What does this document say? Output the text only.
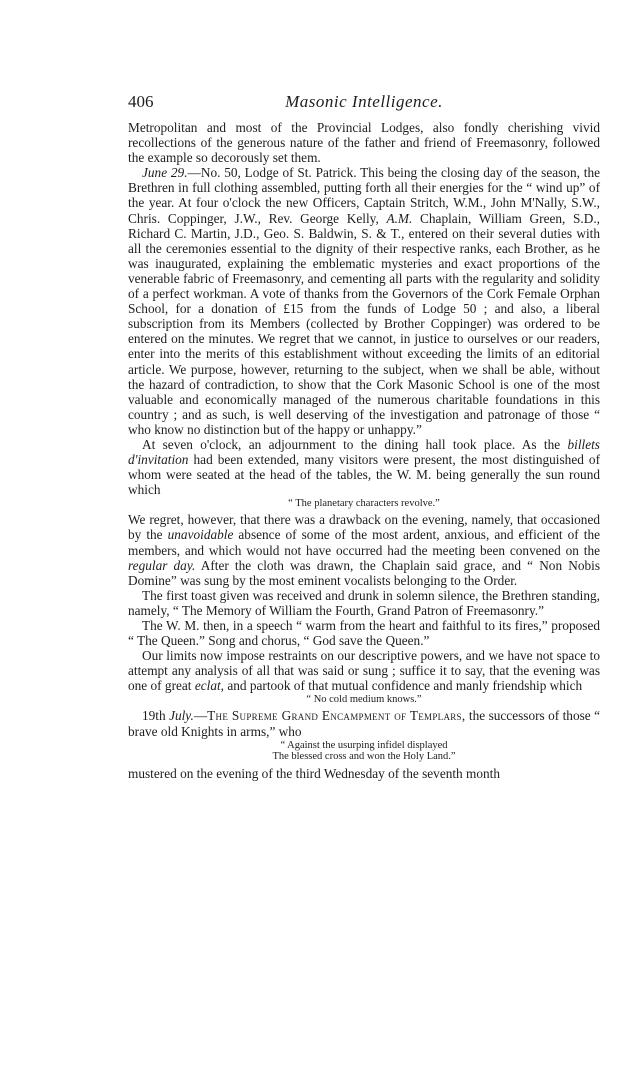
406	Masonic Intelligence.

Metropolitan and most of the Provincial Lodges, also fondly cherishing vivid recollections of the generous nature of the father and friend of Freemasonry, followed the example so decorously set them.

June 29.—No. 50, Lodge of St. Patrick. This being the closing day of the season, the Brethren in full clothing assembled, putting forth all their energies for the “ wind up” of the year. At four o'clock the new Officers, Captain Stritch, W.M., John M'Nally, S.W., Chris. Coppinger, J.W., Rev. George Kelly, A.M. Chaplain, William Green, S.D., Richard C. Martin, J.D., Geo. S. Baldwin, S. & T., entered on their several duties with all the ceremonies essential to the dignity of their respective ranks, each Brother, as he was inaugurated, explaining the emblematic mysteries and exact proportions of the venerable fabric of Freemasonry, and cementing all parts with the regularity and solidity of a perfect workman. A vote of thanks from the Governors of the Cork Female Orphan School, for a donation of £15 from the funds of Lodge 50 ; and also, a liberal subscription from its Members (collected by Brother Coppinger) was ordered to be entered on the minutes. We regret that we cannot, in justice to ourselves or our readers, enter into the merits of this establishment without exceeding the limits of an editorial article. We purpose, however, returning to the subject, when we shall be able, without the hazard of contradiction, to show that the Cork Masonic School is one of the most valuable and economically managed of the numerous charitable foundations in this country ; and as such, is well deserving of the investigation and patronage of those “ who know no distinction but of the happy or unhappy.”

At seven o'clock, an adjournment to the dining hall took place. As the billets d'invitation had been extended, many visitors were present, the most distinguished of whom were seated at the head of the tables, the W. M. being generally the sun round which

“ The planetary characters revolve.”

We regret, however, that there was a drawback on the evening, namely, that occasioned by the unavoidable absence of some of the most ardent, anxious, and efficient of the members, and which would not have occurred had the meeting been convened on the regular day. After the cloth was drawn, the Chaplain said grace, and “ Non Nobis Domine” was sung by the most eminent vocalists belonging to the Order.

The first toast given was received and drunk in solemn silence, the Brethren standing, namely, “ The Memory of William the Fourth, Grand Patron of Freemasonry.”

The W. M. then, in a speech “ warm from the heart and faithful to its fires,” proposed “ The Queen.” Song and chorus, “ God save the Queen.”

Our limits now impose restraints on our descriptive powers, and we have not space to attempt any analysis of all that was said or sung ; suffice it to say, that the evening was one of great eclat, and partook of that mutual confidence and manly friendship which

“ No cold medium knows.”

19th July.—The Supreme Grand Encampment of Templars, the successors of those “ brave old Knights in arms,” who

“ Against the usurping infidel displayed
The blessed cross and won the Holy Land.”

mustered on the evening of the third Wednesday of the seventh month
